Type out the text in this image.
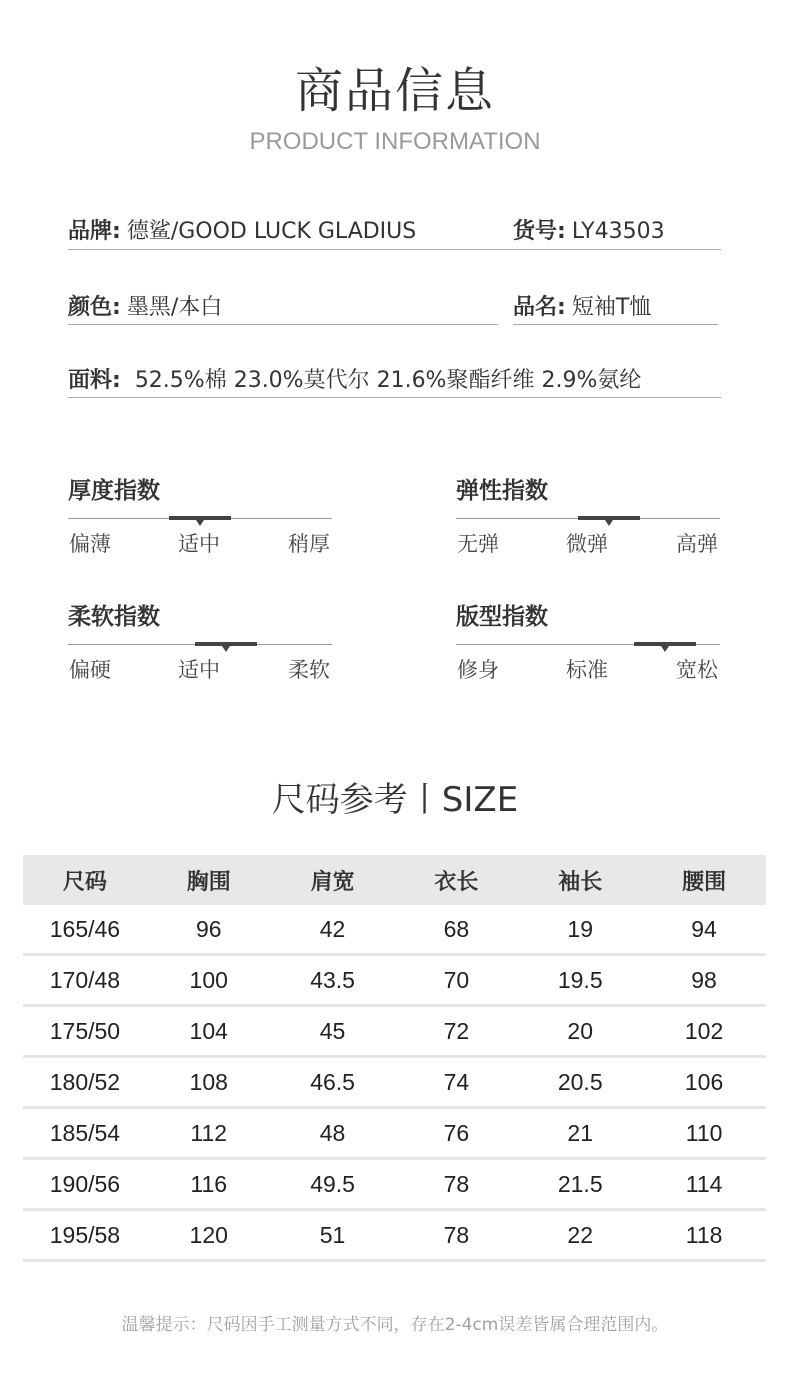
商品信息
PRODUCT INFORMATION
品牌: 德鲨/GOOD LUCK GLADIUS	货号: LY43503
颜色: 墨黑/本白	品名: 短袖T恤
面料: 52.5%棉 23.0%莫代尔 21.6%聚酯纤维 2.9%氨纶
厚度指数
偏薄	适中	稍厚
弹性指数
无弹	微弹	高弹
柔软指数
偏硬	适中	柔软
版型指数
修身	标准	宽松
尺码参考丨SIZE
尺码	胸围	肩宽	衣长	袖长	腰围
165/46	96	42	68	19	94
170/48	100	43.5	70	19.5	98
175/50	104	45	72	20	102
180/52	108	46.5	74	20.5	106
185/54	112	48	76	21	110
190/56	116	49.5	78	21.5	114
195/58	120	51	78	22	118
温馨提示：尺码因手工测量方式不同，存在2-4cm误差皆属合理范围内。
